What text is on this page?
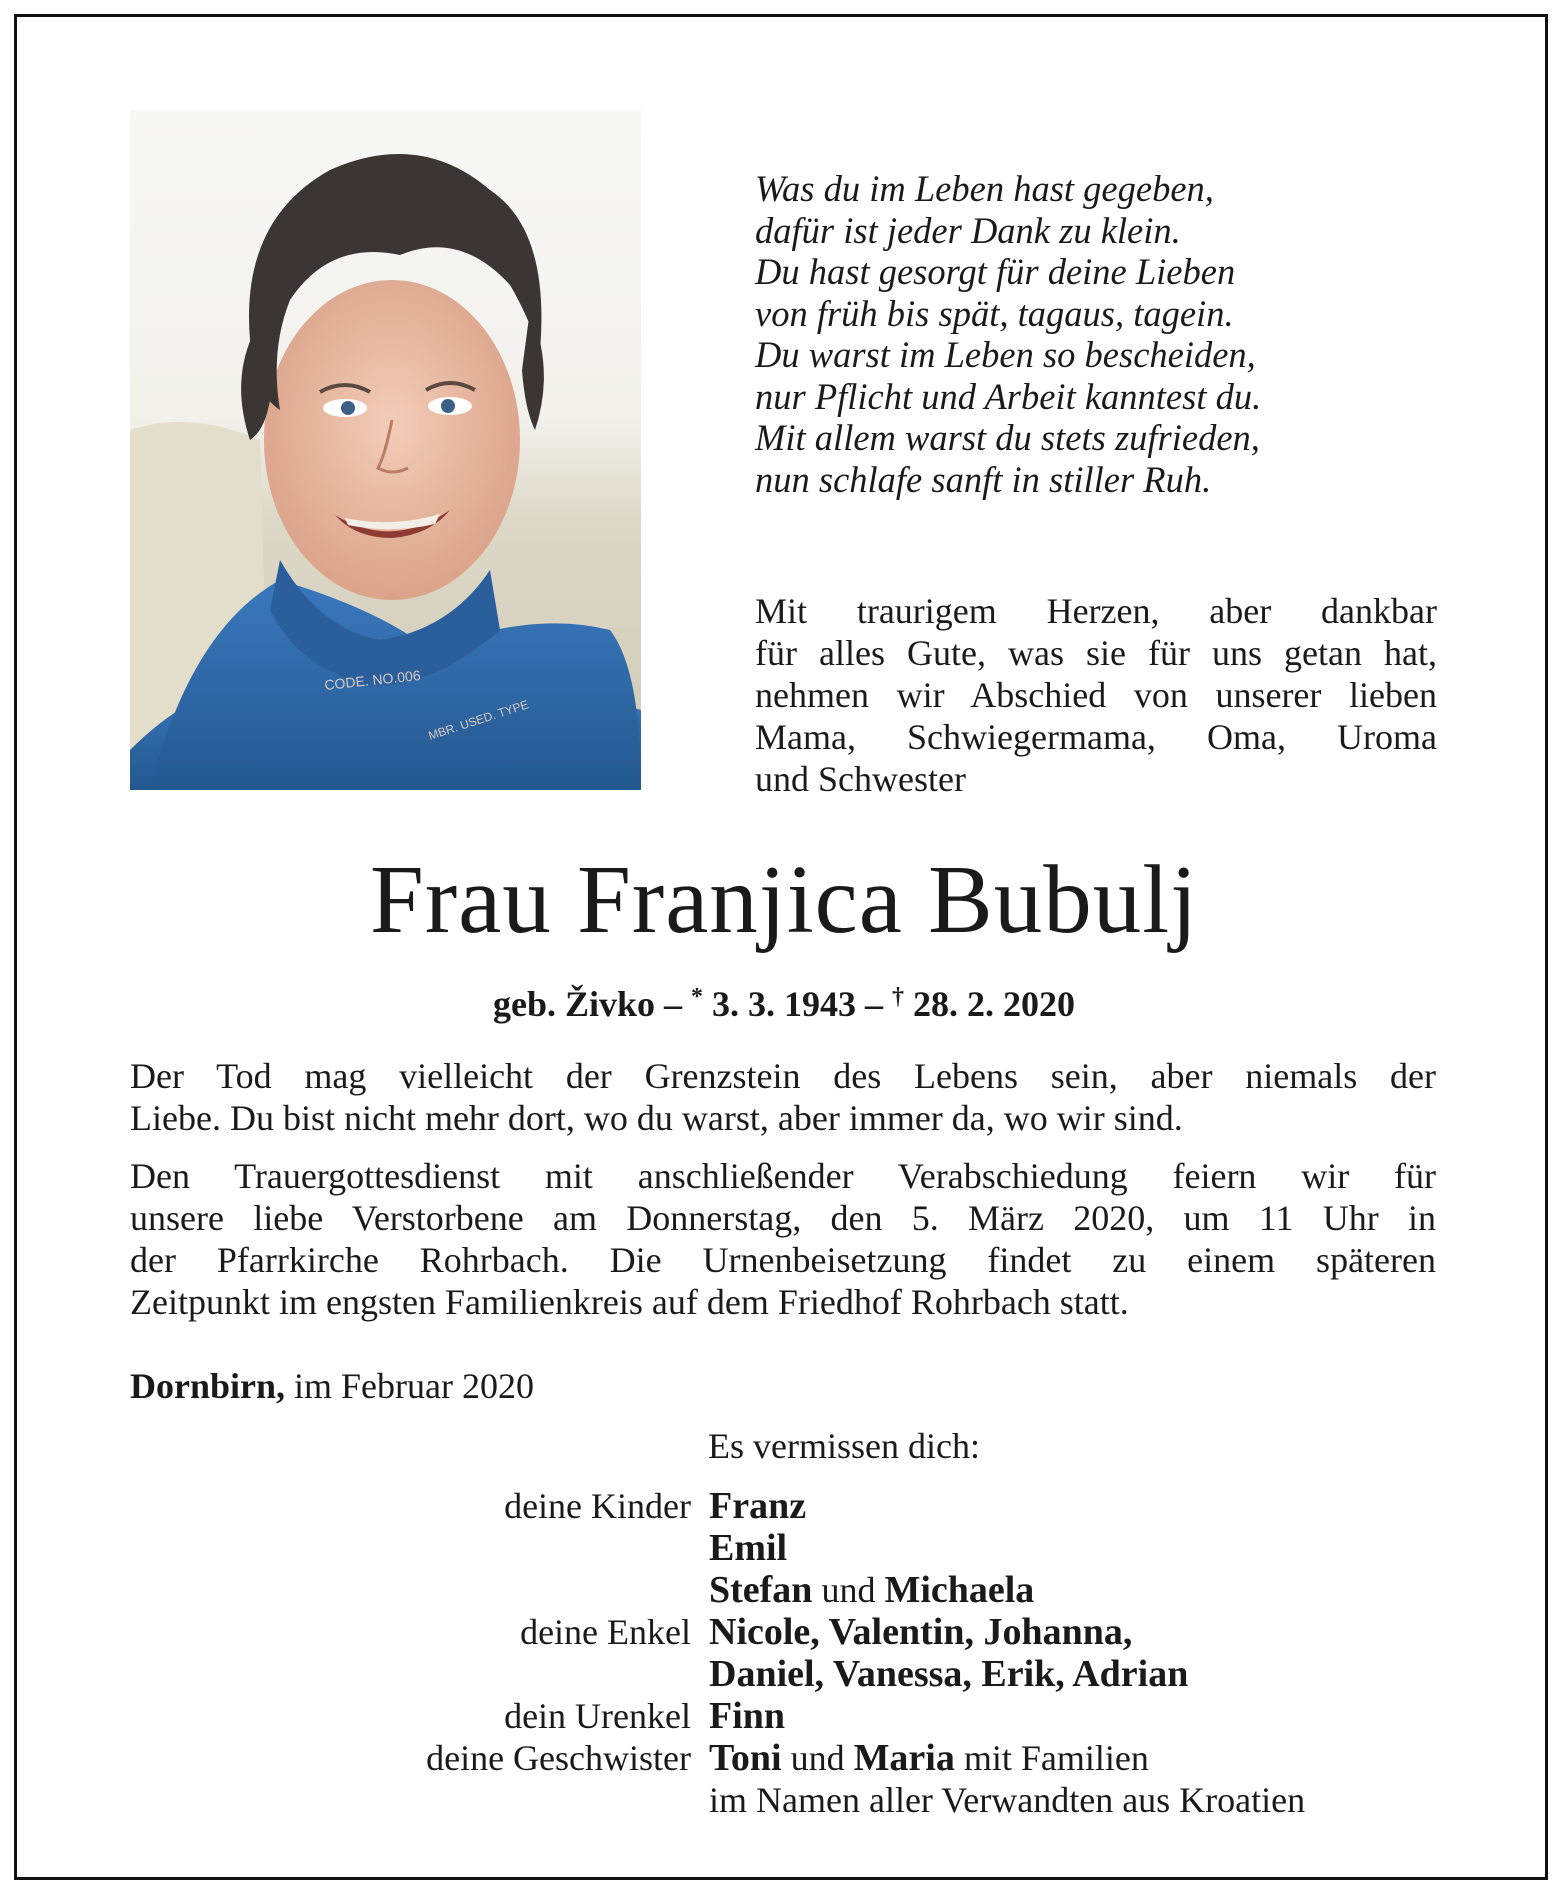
CODE. NO.006
MBR. USED. TYPE
Was du im Leben hast gegeben,
dafür ist jeder Dank zu klein.
Du hast gesorgt für deine Lieben
von früh bis spät, tagaus, tagein.
Du warst im Leben so bescheiden,
nur Pflicht und Arbeit kanntest du.
Mit allem warst du stets zufrieden,
nun schlafe sanft in stiller Ruh.
Mit traurigem Herzen, aber dankbar
für alles Gute, was sie für uns getan hat,
nehmen wir Abschied von unserer lieben
Mama, Schwiegermama, Oma, Uroma
und Schwester
Frau Franjica Bubulj
geb. Živko – * 3. 3. 1943 – † 28. 2. 2020
Der Tod mag vielleicht der Grenzstein des Lebens sein, aber niemals der
Liebe. Du bist nicht mehr dort, wo du warst, aber immer da, wo wir sind.
Den Trauergottesdienst mit anschließender Verabschiedung feiern wir für
unsere liebe Verstorbene am Donnerstag, den 5. März 2020, um 11 Uhr in
der Pfarrkirche Rohrbach. Die Urnenbeisetzung findet zu einem späteren
Zeitpunkt im engsten Familienkreis auf dem Friedhof Rohrbach statt.
Dornbirn, im Februar 2020
Es vermissen dich:
deine Kinder Franz
Emil
Stefan und Michaela
deine Enkel Nicole, Valentin, Johanna,
Daniel, Vanessa, Erik, Adrian
dein Urenkel Finn
deine Geschwister Toni und Maria mit Familien
im Namen aller Verwandten aus Kroatien
